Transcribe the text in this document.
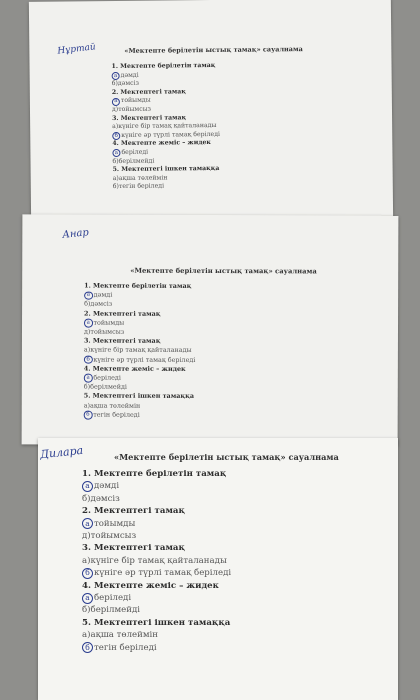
Нұртай	«Мектепте берілетін ыстық тамақ» сауалнама
1. Мектепте берілетін тамақ
а дәмді
б) дәмсіз
2. Мектептегі тамақ
а тойымды
д) тойымсыз
3. Мектептегі тамақ
а) күнiге бір тамақ қайталанады
б күнiге әр түрлі тамақ беріледі
4. Мектепте жеміс – жидек
а беріледі
б) берілмейді
5. Мектептегі ішкен тамаққа
а) ақша төлеймін
б) тегін беріледі
Анар
«Мектепте берілетін ыстық тамақ» сауалнама
1. Мектепте берілетін тамақ
а дәмді
б) дәмсіз
2. Мектептегі тамақ
а тойымды
д) тойымсыз
3. Мектептегі тамақ
а) күнiге бір тамақ қайталанады
б күнiге әр түрлі тамақ беріледі
4. Мектепте жеміс – жидек
а беріледі
б) берілмейді
5. Мектептегі ішкен тамаққа
а) ақша төлеймін
б тегін беріледі
Дилара	«Мектепте берілетін ыстық тамақ» сауалнама
1. Мектепте берілетін тамақ
а дәмді
б) дәмсіз
2. Мектептегі тамақ
а тойымды
д) тойымсыз
3. Мектептегі тамақ
а) күнiге бір тамақ қайталанады
б күнiге әр түрлі тамақ беріледі
4. Мектепте жеміс – жидек
а беріледі
б) берілмейді
5. Мектептегі ішкен тамаққа
а) ақша төлеймін
б тегін беріледі
